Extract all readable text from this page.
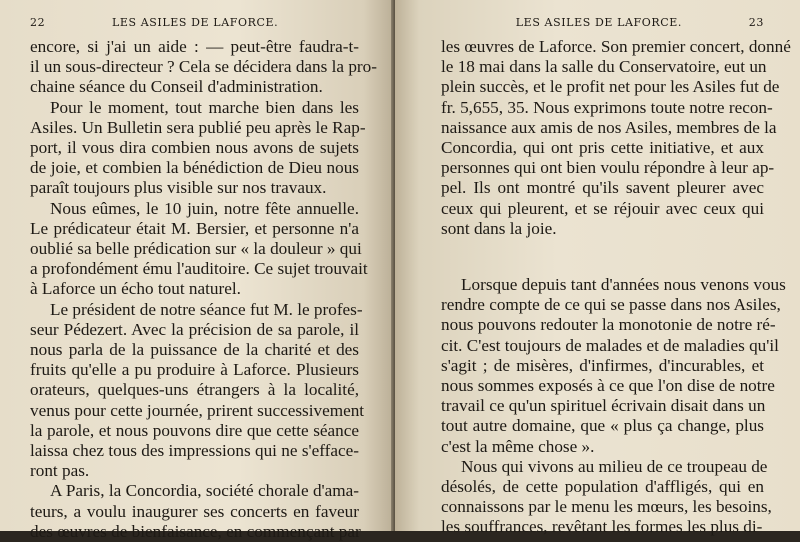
22	LES ASILES DE LAFORCE.

encore, si j'ai un aide : — peut-être faudra-t-
il un sous-directeur ? Cela se décidera dans la pro-
chaine séance du Conseil d'administration.

Pour le moment, tout marche bien dans les
Asiles. Un Bulletin sera publié peu après le Rap-
port, il vous dira combien nous avons de sujets
de joie, et combien la bénédiction de Dieu nous
paraît toujours plus visible sur nos travaux.

Nous eûmes, le 10 juin, notre fête annuelle.
Le prédicateur était M. Bersier, et personne n'a
oublié sa belle prédication sur « la douleur » qui
a profondément ému l'auditoire. Ce sujet trouvait
à Laforce un écho tout naturel.

Le président de notre séance fut M. le profes-
seur Pédezert. Avec la précision de sa parole, il
nous parla de la puissance de la charité et des
fruits qu'elle a pu produire à Laforce. Plusieurs
orateurs, quelques-uns étrangers à la localité,
venus pour cette journée, prirent successivement
la parole, et nous pouvons dire que cette séance
laissa chez tous des impressions qui ne s'efface-
ront pas.

A Paris, la Concordia, société chorale d'ama-
teurs, a voulu inaugurer ses concerts en faveur
des œuvres de bienfaisance, en commençant par

LES ASILES DE LAFORCE.	23

les œuvres de Laforce. Son premier concert, donné
le 18 mai dans la salle du Conservatoire, eut un
plein succès, et le profit net pour les Asiles fut de
fr. 5,655, 35. Nous exprimons toute notre recon-
naissance aux amis de nos Asiles, membres de la
Concordia, qui ont pris cette initiative, et aux
personnes qui ont bien voulu répondre à leur ap-
pel. Ils ont montré qu'ils savent pleurer avec
ceux qui pleurent, et se réjouir avec ceux qui
sont dans la joie.

Lorsque depuis tant d'années nous venons vous
rendre compte de ce qui se passe dans nos Asiles,
nous pouvons redouter la monotonie de notre ré-
cit. C'est toujours de malades et de maladies qu'il
s'agit ; de misères, d'infirmes, d'incurables, et
nous sommes exposés à ce que l'on dise de notre
travail ce qu'un spirituel écrivain disait dans un
tout autre domaine, que « plus ça change, plus
c'est la même chose ».

Nous qui vivons au milieu de ce troupeau de
désolés, de cette population d'affligés, qui en
connaissons par le menu les mœurs, les besoins,
les souffrances, revêtant les formes les plus di-
